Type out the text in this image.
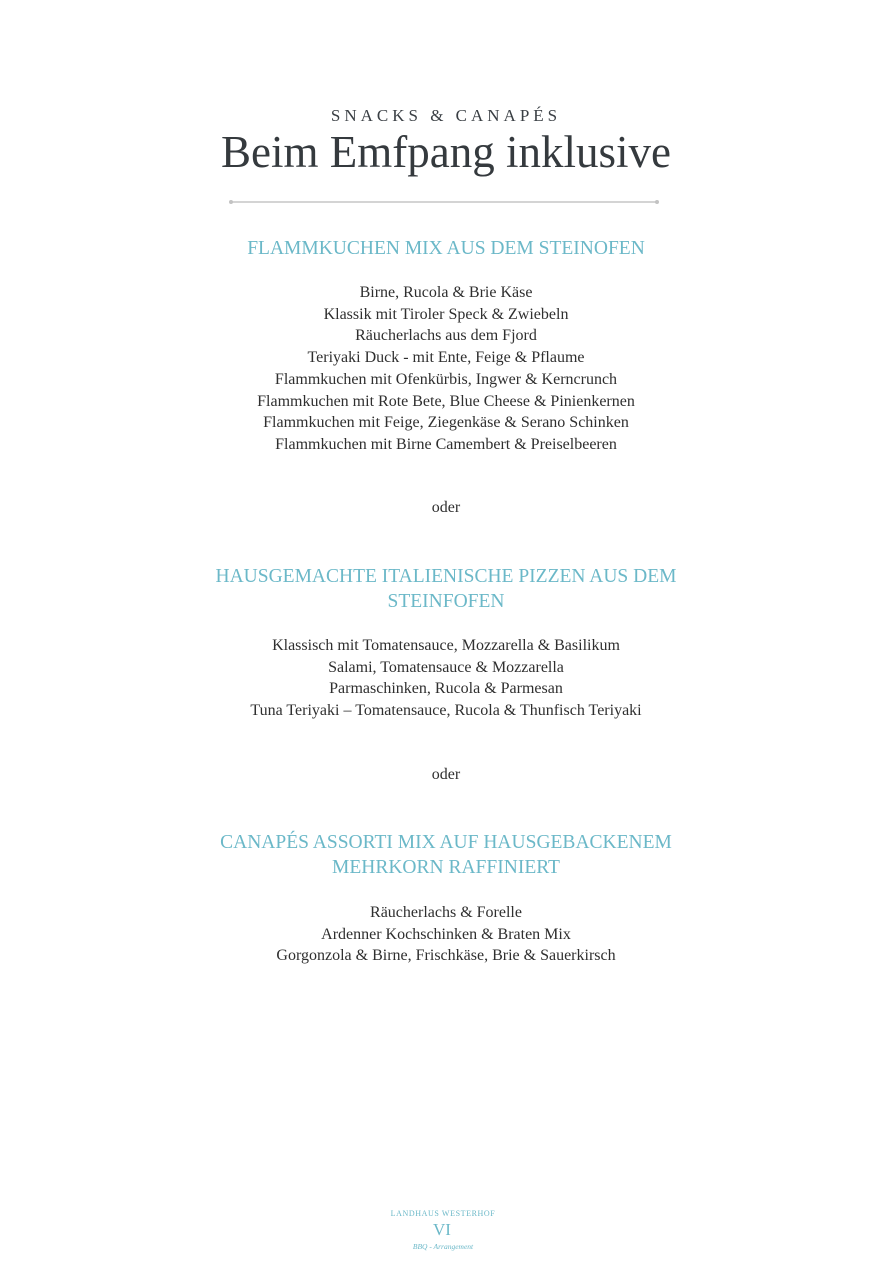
SNACKS & CANAPÉS
Beim Emfpang inklusive
FLAMMKUCHEN MIX AUS DEM STEINOFEN
Birne, Rucola & Brie Käse
Klassik mit Tiroler Speck & Zwiebeln
Räucherlachs aus dem Fjord
Teriyaki Duck - mit Ente, Feige & Pflaume
Flammkuchen mit Ofenkürbis, Ingwer & Kerncrunch
Flammkuchen mit Rote Bete, Blue Cheese & Pinienkernen
Flammkuchen mit Feige, Ziegenkäse & Serano Schinken
Flammkuchen mit Birne Camembert & Preiselbeeren
oder
HAUSGEMACHTE ITALIENISCHE PIZZEN AUS DEM
STEINFOFEN
Klassisch mit Tomatensauce, Mozzarella & Basilikum
Salami, Tomatensauce & Mozzarella
Parmaschinken, Rucola & Parmesan
Tuna Teriyaki – Tomatensauce, Rucola & Thunfisch Teriyaki
oder
CANAPÉS ASSORTI MIX AUF HAUSGEBACKENEM
MEHRKORN RAFFINIERT
Räucherlachs & Forelle
Ardenner Kochschinken & Braten Mix
Gorgonzola & Birne, Frischkäse, Brie & Sauerkirsch
LANDHAUS WESTERHOF
VI
BBQ - Arrangement
